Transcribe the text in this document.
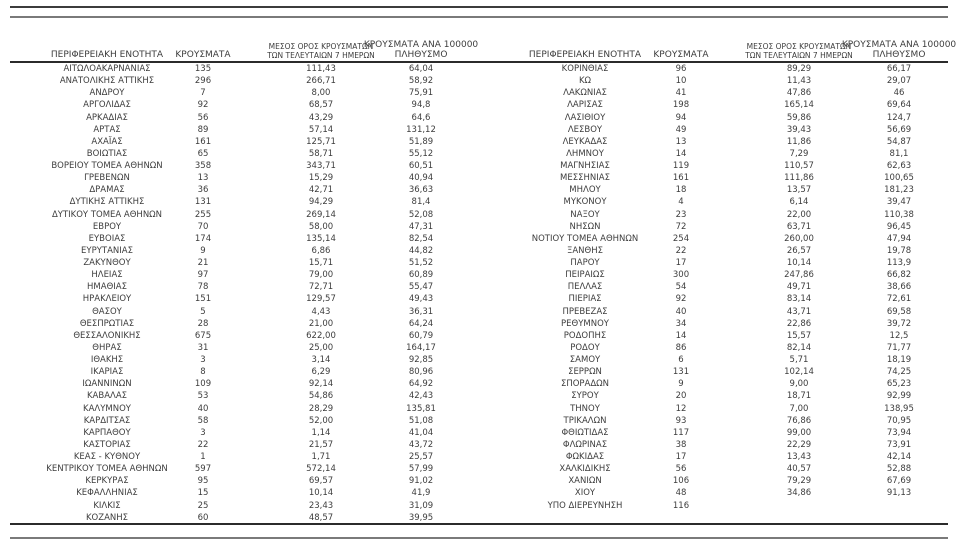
ΠΕΡΙΦΕΡΕΙΑΚΗ ΕΝΟΤΗΤΑ ΚΡΟΥΣΜΑΤΑ
ΜΕΣΟΣ ΟΡΟΣ ΚΡΟΥΣΜΑΤΩΝ
ΤΩΝ ΤΕΛΕΥΤΑΙΩΝ 7 ΗΜΕΡΩΝ
ΚΡΟΥΣΜΑΤΑ ΑΝΑ 100000
ΠΛΗΘΥΣΜΟ	ΠΕΡΙΦΕΡΕΙΑΚΗ ΕΝΟΤΗΤΑ ΚΡΟΥΣΜΑΤΑ
ΜΕΣΟΣ ΟΡΟΣ ΚΡΟΥΣΜΑΤΩΝ
ΤΩΝ ΤΕΛΕΥΤΑΙΩΝ 7 ΗΜΕΡΩΝ
ΚΡΟΥΣΜΑΤΑ ΑΝΑ 100000
ΠΛΗΘΥΣΜΟ
ΑΙΤΩΛΟΑΚΑΡΝΑΝΙΑΣ	135	111,43	64,04
ΑΝΑΤΟΛΙΚΗΣ ΑΤΤΙΚΗΣ	296	266,71	58,92
ΑΝΔΡΟΥ	7	8,00	75,91
ΑΡΓΟΛΙΔΑΣ	92	68,57	94,8
ΑΡΚΑΔΙΑΣ	56	43,29	64,6
ΑΡΤΑΣ	89	57,14	131,12
ΑΧΑΪΑΣ	161	125,71	51,89
ΒΟΙΩΤΙΑΣ	65	58,71	55,12
ΒΟΡΕΙΟΥ ΤΟΜΕΑ ΑΘΗΝΩΝ	358	343,71	60,51
ΓΡΕΒΕΝΩΝ	13	15,29	40,94
ΔΡΑΜΑΣ	36	42,71	36,63
ΔΥΤΙΚΗΣ ΑΤΤΙΚΗΣ	131	94,29	81,4
ΔΥΤΙΚΟΥ ΤΟΜΕΑ ΑΘΗΝΩΝ	255	269,14	52,08
ΕΒΡΟΥ	70	58,00	47,31
ΕΥΒΟΙΑΣ	174	135,14	82,54
ΕΥΡΥΤΑΝΙΑΣ	9	6,86	44,82
ΖΑΚΥΝΘΟΥ	21	15,71	51,52
ΗΛΕΙΑΣ	97	79,00	60,89
ΗΜΑΘΙΑΣ	78	72,71	55,47
ΗΡΑΚΛΕΙΟΥ	151	129,57	49,43
ΘΑΣΟΥ	5	4,43	36,31
ΘΕΣΠΡΩΤΙΑΣ	28	21,00	64,24
ΘΕΣΣΑΛΟΝΙΚΗΣ	675	622,00	60,79
ΘΗΡΑΣ	31	25,00	164,17
ΙΘΑΚΗΣ	3	3,14	92,85
ΙΚΑΡΙΑΣ	8	6,29	80,96
ΙΩΑΝΝΙΝΩΝ	109	92,14	64,92
ΚΑΒΑΛΑΣ	53	54,86	42,43
ΚΑΛΥΜΝΟΥ	40	28,29	135,81
ΚΑΡΔΙΤΣΑΣ	58	52,00	51,08
ΚΑΡΠΑΘΟΥ	3	1,14	41,04
ΚΑΣΤΟΡΙΑΣ	22	21,57	43,72
ΚΕΑΣ - ΚΥΘΝΟΥ	1	1,71	25,57
ΚΕΝΤΡΙΚΟΥ ΤΟΜΕΑ ΑΘΗΝΩΝ	597	572,14	57,99
ΚΕΡΚΥΡΑΣ	95	69,57	91,02
ΚΕΦΑΛΛΗΝΙΑΣ	15	10,14	41,9
ΚΙΛΚΙΣ	25	23,43	31,09
ΚΟΖΑΝΗΣ	60	48,57	39,95
ΚΟΡΙΝΘΙΑΣ	96	89,29	66,17
ΚΩ	10	11,43	29,07
ΛΑΚΩΝΙΑΣ	41	47,86	46
ΛΑΡΙΣΑΣ	198	165,14	69,64
ΛΑΣΙΘΙΟΥ	94	59,86	124,7
ΛΕΣΒΟΥ	49	39,43	56,69
ΛΕΥΚΑΔΑΣ	13	11,86	54,87
ΛΗΜΝΟΥ	14	7,29	81,1
ΜΑΓΝΗΣΙΑΣ	119	110,57	62,63
ΜΕΣΣΗΝΙΑΣ	161	111,86	100,65
ΜΗΛΟΥ	18	13,57	181,23
ΜΥΚΟΝΟΥ	4	6,14	39,47
ΝΑΞΟΥ	23	22,00	110,38
ΝΗΣΩΝ	72	63,71	96,45
ΝΟΤΙΟΥ ΤΟΜΕΑ ΑΘΗΝΩΝ	254	260,00	47,94
ΞΑΝΘΗΣ	22	26,57	19,78
ΠΑΡΟΥ	17	10,14	113,9
ΠΕΙΡΑΙΩΣ	300	247,86	66,82
ΠΕΛΛΑΣ	54	49,71	38,66
ΠΙΕΡΙΑΣ	92	83,14	72,61
ΠΡΕΒΕΖΑΣ	40	43,71	69,58
ΡΕΘΥΜΝΟΥ	34	22,86	39,72
ΡΟΔΟΠΗΣ	14	15,57	12,5
ΡΟΔΟΥ	86	82,14	71,77
ΣΑΜΟΥ	6	5,71	18,19
ΣΕΡΡΩΝ	131	102,14	74,25
ΣΠΟΡΑΔΩΝ	9	9,00	65,23
ΣΥΡΟΥ	20	18,71	92,99
ΤΗΝΟΥ	12	7,00	138,95
ΤΡΙΚΑΛΩΝ	93	76,86	70,95
ΦΘΙΩΤΙΔΑΣ	117	99,00	73,94
ΦΛΩΡΙΝΑΣ	38	22,29	73,91
ΦΩΚΙΔΑΣ	17	13,43	42,14
ΧΑΛΚΙΔΙΚΗΣ	56	40,57	52,88
ΧΑΝΙΩΝ	106	79,29	67,69
ΧΙΟΥ	48	34,86	91,13
ΥΠΟ ΔΙΕΡΕΥΝΗΣΗ	116
